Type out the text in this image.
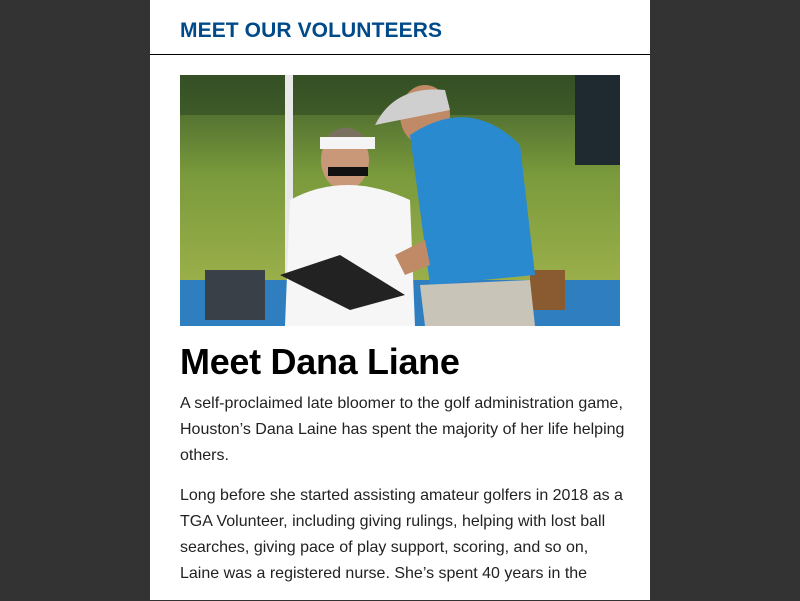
MEET OUR VOLUNTEERS
Meet Dana Liane

A self-proclaimed late bloomer to the golf administration game, Houston’s Dana Laine has spent the majority of her life helping others.

Long before she started assisting amateur golfers in 2018 as a TGA Volunteer, including giving rulings, helping with lost ball searches, giving pace of play support, scoring, and so on, Laine was a registered nurse. She’s spent 40 years in the
